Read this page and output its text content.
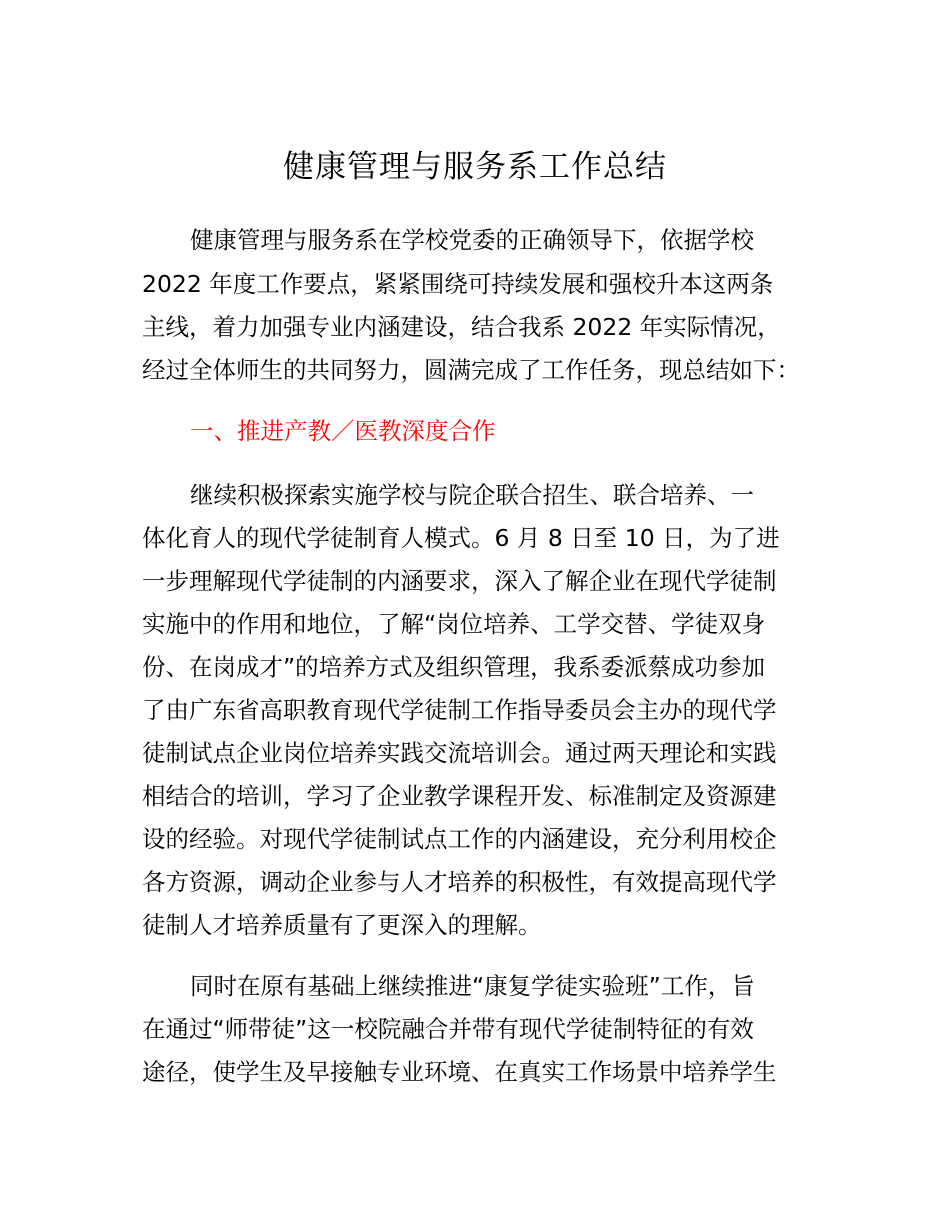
健康管理与服务系工作总结
健康管理与服务系在学校党委的正确领导下，依据学校
2022 年度工作要点，紧紧围绕可持续发展和强校升本这两条
主线，着力加强专业内涵建设，结合我系 2022 年实际情况，
经过全体师生的共同努力，圆满完成了工作任务，现总结如下：
一、推进产教／医教深度合作
继续积极探索实施学校与院企联合招生、联合培养、一
体化育人的现代学徒制育人模式。6 月 8 日至 10 日，为了进
一步理解现代学徒制的内涵要求，深入了解企业在现代学徒制
实施中的作用和地位，了解“岗位培养、工学交替、学徒双身
份、在岗成才”的培养方式及组织管理，我系委派蔡成功参加
了由广东省高职教育现代学徒制工作指导委员会主办的现代学
徒制试点企业岗位培养实践交流培训会。通过两天理论和实践
相结合的培训，学习了企业教学课程开发、标准制定及资源建
设的经验。对现代学徒制试点工作的内涵建设，充分利用校企
各方资源，调动企业参与人才培养的积极性，有效提高现代学
徒制人才培养质量有了更深入的理解。
同时在原有基础上继续推进“康复学徒实验班”工作，旨
在通过“师带徒”这一校院融合并带有现代学徒制特征的有效
途径，使学生及早接触专业环境、在真实工作场景中培养学生
